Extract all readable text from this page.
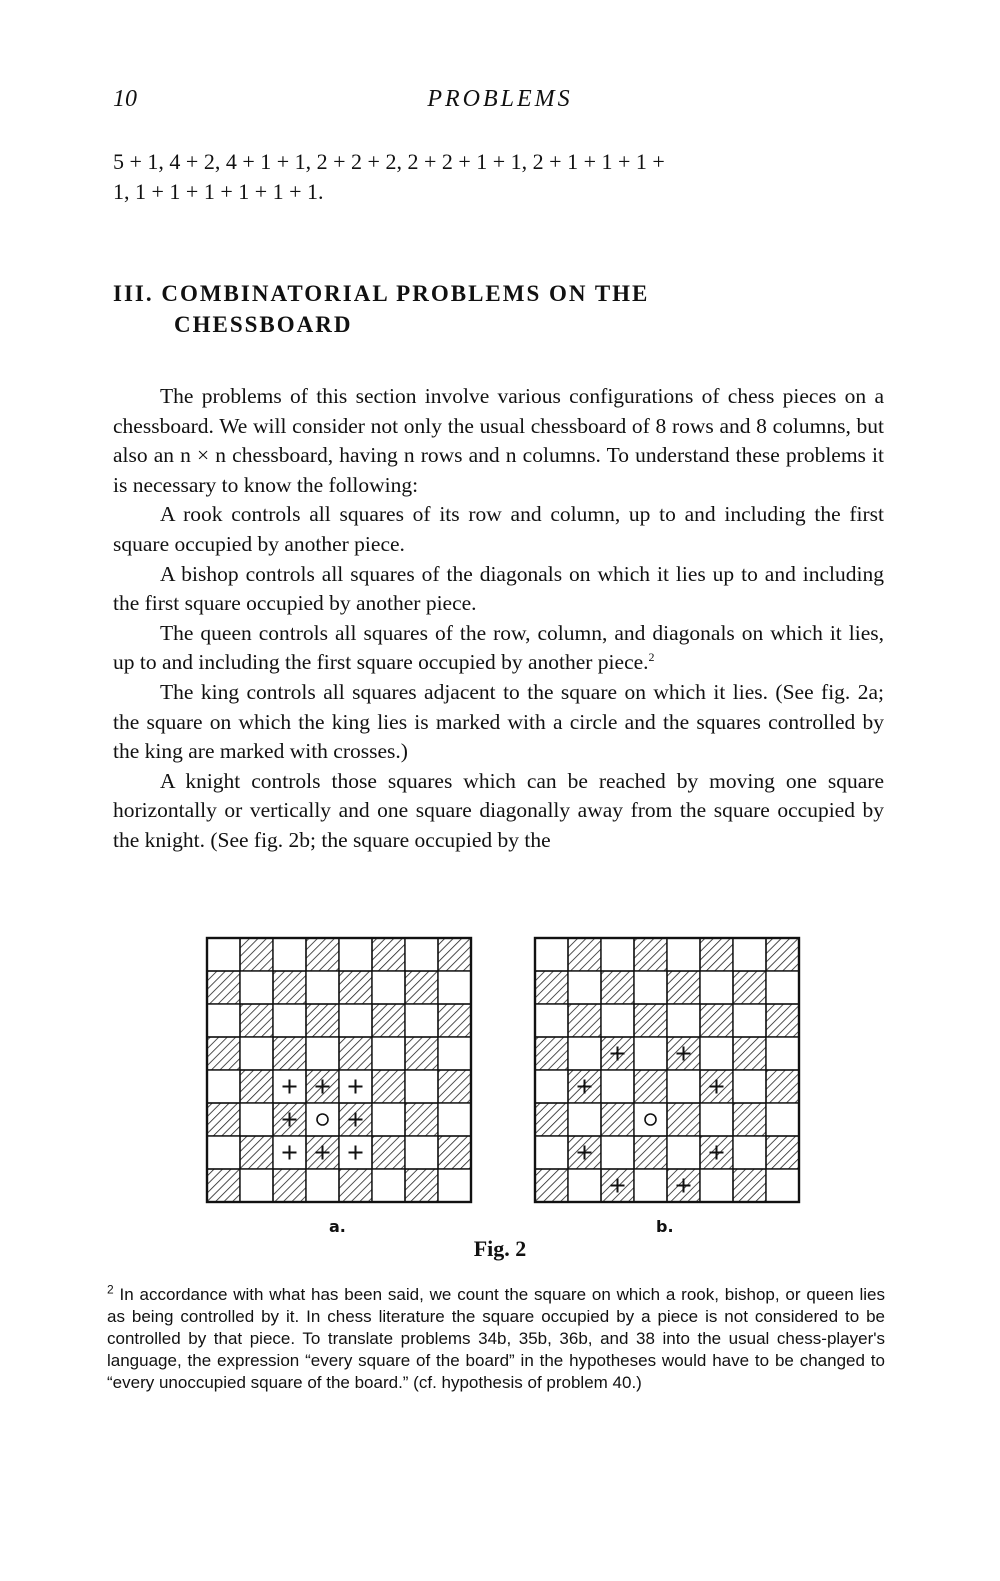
10	PROBLEMS
5 + 1, 4 + 2, 4 + 1 + 1, 2 + 2 + 2, 2 + 2 + 1 + 1, 2 + 1 + 1 + 1 +
1, 1 + 1 + 1 + 1 + 1 + 1.
III. COMBINATORIAL PROBLEMS ON THE
CHESSBOARD

The problems of this section involve various configurations of chess pieces on a chessboard. We will consider not only the usual chessboard of 8 rows and 8 columns, but also an n × n chessboard, having n rows and n columns. To understand these problems it is necessary to know the following:

A rook controls all squares of its row and column, up to and including the first square occupied by another piece.

A bishop controls all squares of the diagonals on which it lies up to and including the first square occupied by another piece.

The queen controls all squares of the row, column, and diagonals on which it lies, up to and including the first square occupied by another piece.$^2$

The king controls all squares adjacent to the square on which it lies. (See fig. 2a; the square on which the king lies is marked with a circle and the squares controlled by the king are marked with crosses.)

A knight controls those squares which can be reached by moving one square horizontally or vertically and one square diagonally away from the square occupied by the knight. (See fig. 2b; the square occupied by the

a.	b.
Fig. 2
$^2$ In accordance with what has been said, we count the square on which a rook, bishop, or queen lies as being controlled by it. In chess literature the square occupied by a piece is not considered to be controlled by that piece. To translate problems 34b, 35b, 36b, and 38 into the usual chess-player's language, the expression “every square of the board” in the hypotheses would have to be changed to “every unoccupied square of the board.” (cf. hypothesis of problem 40.)
